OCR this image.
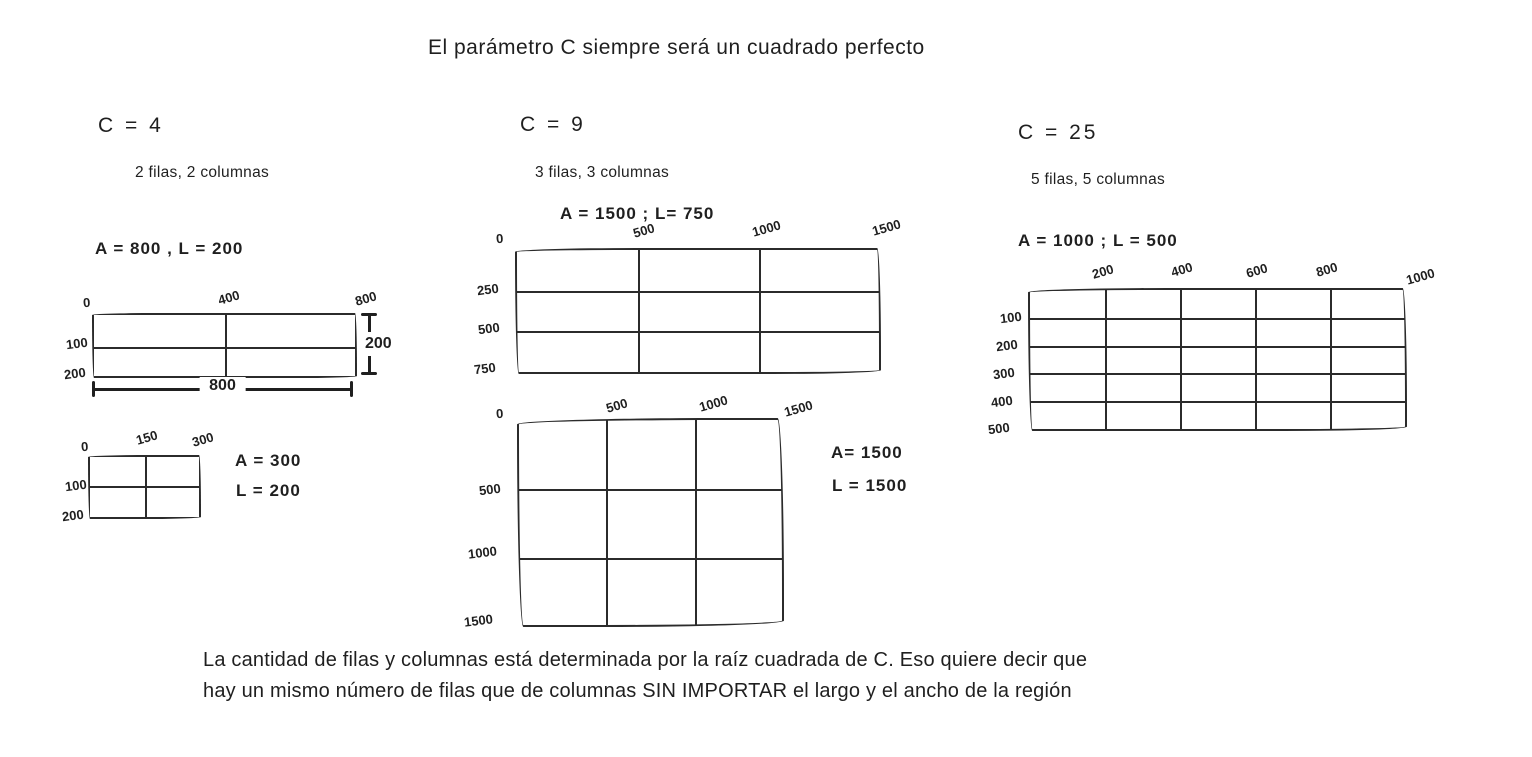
El parámetro C siempre será un cuadrado perfecto
C = 4
2 filas, 2 columnas
A = 800 , L = 200
0	400	800
100
200
800
200
0	150 300
100
200
A = 300
L = 200
C = 9
3 filas, 3 columnas
A = 1500 ; L= 750
0	500	1000	1500
250
500
750
0	500	1000	1500
500
1000
1500
A= 1500
L = 1500
C = 25
5 filas, 5 columnas
A = 1000 ; L = 500
200	400	600	800	1000
100
200
300
400
500
La cantidad de filas y columnas está determinada por la raíz cuadrada de C. Eso quiere decir que
hay un mismo número de filas que de columnas SIN IMPORTAR el largo y el ancho de la región
